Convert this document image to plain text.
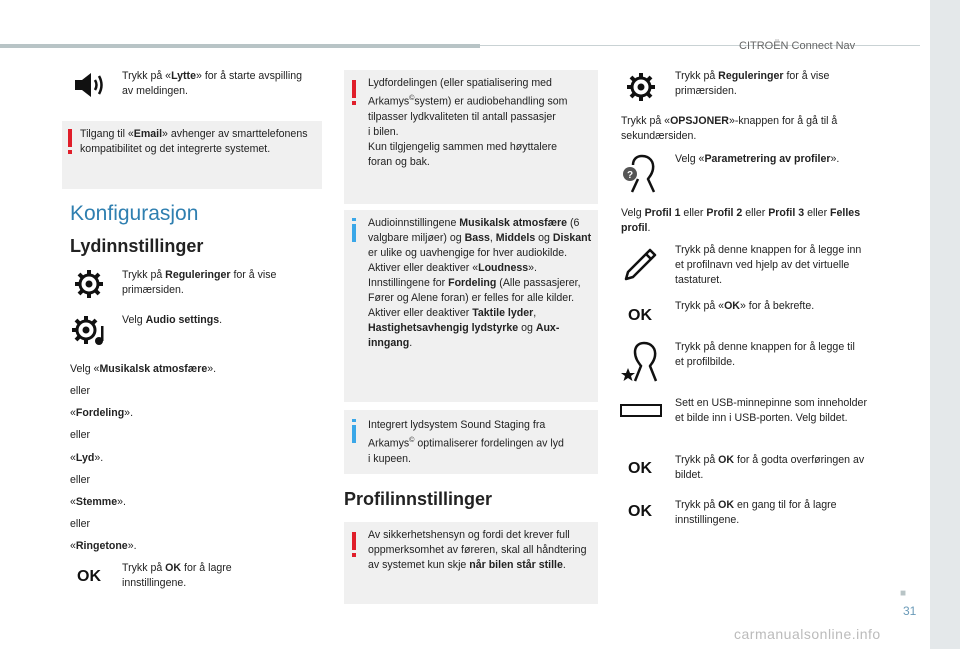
CITROËN Connect Nav
Trykk på «Lytte» for å starte avspilling av meldingen.
Tilgang til «Email» avhenger av smarttelefonens kompatibilitet og det integrerte systemet.
Konfigurasjon
Lydinnstillinger
Trykk på Reguleringer for å vise primærsiden.
Velg Audio settings.
Velg «Musikalsk atmosfære».
eller
«Fordeling».
eller
«Lyd».
eller
«Stemme».
eller
«Ringetone».
OK Trykk på OK for å lagre innstillingene.
Lydfordelingen (eller spatialisering med
Arkamys©system) er audiobehandling som
tilpasser lydkvaliteten til antall passasjer
i bilen.
Kun tilgjengelig sammen med høyttalere
foran og bak.
Audioinnstillingene Musikalsk atmosfære (6 valgbare miljøer) og Bass, Middels og Diskant er ulike og uavhengige for hver audiokilde.
Aktiver eller deaktiver «Loudness».
Innstillingene for Fordeling (Alle passasjerer, Fører og Alene foran) er felles for alle kilder.
Aktiver eller deaktiver Taktile lyder, Hastighetsavhengig lydstyrke og Aux-inngang.
Integrert lydsystem Sound Staging fra
Arkamys© optimaliserer fordelingen av lyd
i kupeen.
Profilinnstillinger
Av sikkerhetshensyn og fordi det krever full oppmerksomhet av føreren, skal all håndtering av systemet kun skje når bilen står stille.
Trykk på Reguleringer for å vise primærsiden.
Trykk på «OPSJONER»-knappen for å gå til å sekundærsiden.
?
Velg «Parametrering av profiler».
Velg Profil 1 eller Profil 2 eller Profil 3 eller Felles profil.
Trykk på denne knappen for å legge inn et profilnavn ved hjelp av det virtuelle tastaturet.
OK
Trykk på «OK» for å bekrefte.
Trykk på denne knappen for å legge til et profilbilde.
Sett en USB-minnepinne som inneholder et bilde inn i USB-porten. Velg bildet.
OK Trykk på OK for å godta overføringen av bildet.
OK Trykk på OK en gang til for å lagre innstillingene.
■
31
carmanualsonline.info
